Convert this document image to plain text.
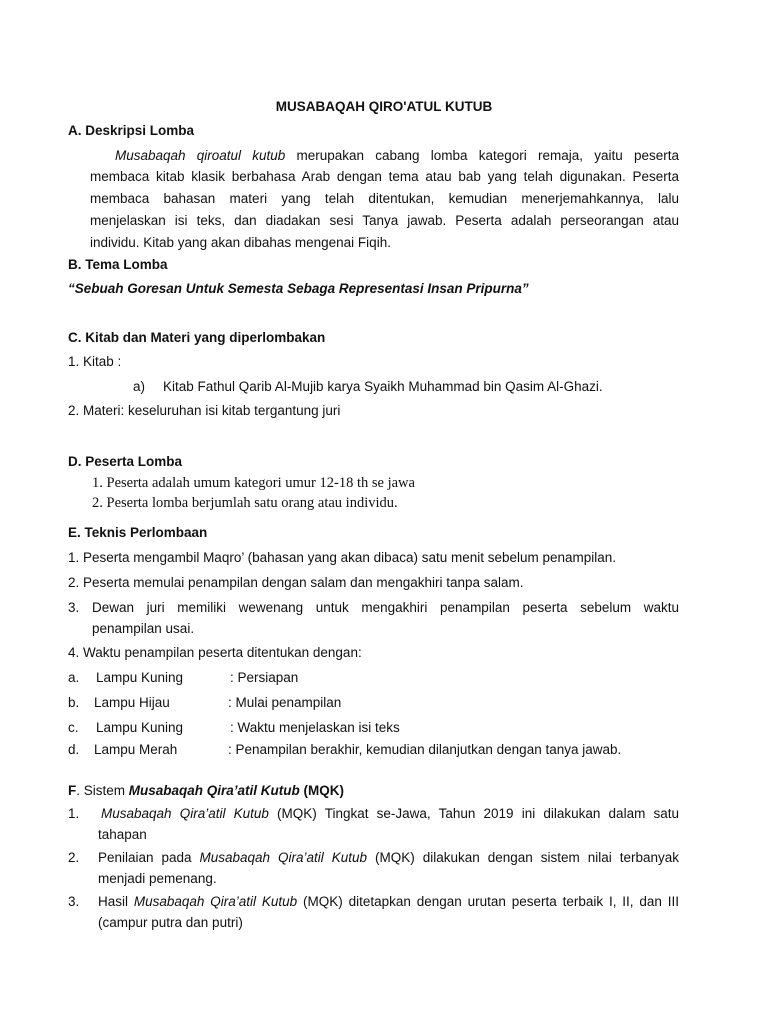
MUSABAQAH QIRO'ATUL KUTUB
A. Deskripsi Lomba
Musabaqah qiroatul kutub merupakan cabang lomba kategori remaja, yaitu peserta
membaca kitab klasik berbahasa Arab dengan tema atau bab yang telah digunakan. Peserta
membaca bahasan materi yang telah ditentukan, kemudian menerjemahkannya, lalu
menjelaskan isi teks, dan diadakan sesi Tanya jawab. Peserta adalah perseorangan atau
individu. Kitab yang akan dibahas mengenai Fiqih.
B. Tema Lomba
“Sebuah Goresan Untuk Semesta Sebaga Representasi Insan Pripurna”
C. Kitab dan Materi yang diperlombakan
1. Kitab :
a) Kitab Fathul Qarib Al-Mujib karya Syaikh Muhammad bin Qasim Al-Ghazi.
2. Materi: keseluruhan isi kitab tergantung juri
D. Peserta Lomba
1. Peserta adalah umum kategori umur 12-18 th se jawa
2. Peserta lomba berjumlah satu orang atau individu.
E. Teknis Perlombaan
1. Peserta mengambil Maqro’ (bahasan yang akan dibaca) satu menit sebelum penampilan.
2. Peserta memulai penampilan dengan salam dan mengakhiri tanpa salam.
3. Dewan juri memiliki wewenang untuk mengakhiri penampilan peserta sebelum waktu
penampilan usai.
4. Waktu penampilan peserta ditentukan dengan:
a. Lampu Kuning	: Persiapan
b. Lampu Hijau	: Mulai penampilan
c. Lampu Kuning	: Waktu menjelaskan isi teks
d. Lampu Merah	: Penampilan berakhir, kemudian dilanjutkan dengan tanya jawab.
F. Sistem Musabaqah Qira’atil Kutub (MQK)
1. Musabaqah Qira’atil Kutub (MQK) Tingkat se-Jawa, Tahun 2019 ini dilakukan dalam satu
tahapan
2. Penilaian pada Musabaqah Qira’atil Kutub (MQK) dilakukan dengan sistem nilai terbanyak
menjadi pemenang.
3. Hasil Musabaqah Qira’atil Kutub (MQK) ditetapkan dengan urutan peserta terbaik I, II, dan III
(campur putra dan putri)
